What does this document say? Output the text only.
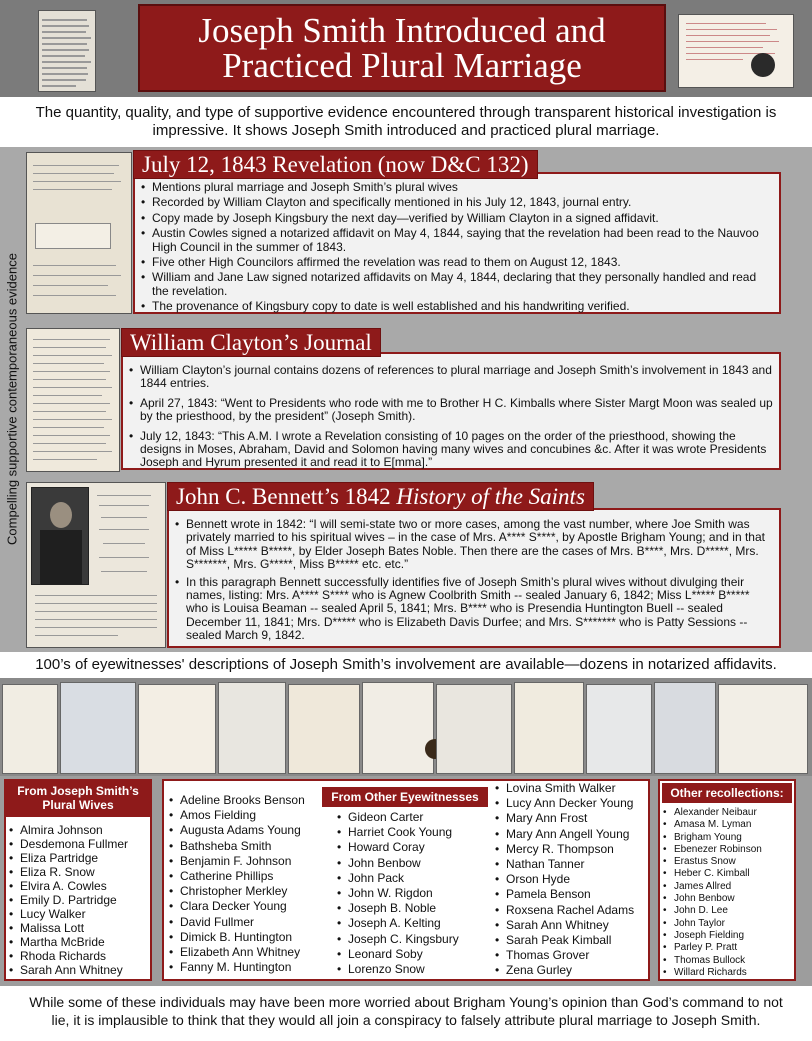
Joseph Smith Introduced and Practiced Plural Marriage
The quantity, quality, and type of supportive evidence encountered through transparent historical investigation is impressive. It shows Joseph Smith introduced and practiced plural marriage.
Compelling supportive contemporaneous evidence
• Mentions plural marriage and Joseph Smith’s plural wives
• Recorded by William Clayton and specifically mentioned in his July 12, 1843, journal entry.
• Copy made by Joseph Kingsbury the next day—verified by William Clayton in a signed affidavit.
• Austin Cowles signed a notarized affidavit on May 4, 1844, saying that the revelation had been read to the Nauvoo High Council in the summer of 1843.
• Five other High Councilors affirmed the revelation was read to them on August 12, 1843.
• William and Jane Law signed notarized affidavits on May 4, 1844, declaring that they personally handled and read the revelation.
• The provenance of Kingsbury copy to date is well established and his handwriting verified.
July 12, 1843 Revelation (now D&C 132)
• William Clayton’s journal contains dozens of references to plural marriage and Joseph Smith’s involvement in 1843 and 1844 entries.
• April 27, 1843: “Went to Presidents who rode with me to Brother H C. Kimballs where Sister Margt Moon was sealed up by the priesthood, by the president” (Joseph Smith).
• July 12, 1843: “This A.M. I wrote a Revelation consisting of 10 pages on the order of the priesthood, showing the designs in Moses, Abraham, David and Solomon having many wives and concubines &c. After it was wrote Presidents Joseph and Hyrum presented it and read it to E[mma].”
William Clayton’s Journal
• Bennett wrote in 1842: “I will semi-state two or more cases, among the vast number, where Joe Smith was privately married to his spiritual wives – in the case of Mrs. A**** S****, by Apostle Brigham Young; and in that of Miss L***** B*****, by Elder Joseph Bates Noble. Then there are the cases of Mrs. B****, Mrs. D*****, Mrs. S*******, Mrs. G*****, Miss B***** etc. etc.”
• In this paragraph Bennett successfully identifies five of Joseph Smith’s plural wives without divulging their names, listing: Mrs. A**** S**** who is Agnew Coolbrith Smith -- sealed January 6, 1842; Miss L***** B***** who is Louisa Beaman -- sealed April 5, 1841; Mrs. B**** who is Presendia Huntington Buell -- sealed December 11, 1841; Mrs. D***** who is Elizabeth Davis Durfee; and Mrs. S******* who is Patty Sessions -- sealed March 9, 1842.
John C. Bennett’s 1842 History of the Saints
100’s of eyewitnesses' descriptions of Joseph Smith’s involvement are available—dozens in notarized affidavits.
From Joseph Smith’s Plural Wives
• Almira Johnson
• Desdemona Fullmer
• Eliza Partridge
• Eliza R. Snow
• Elvira A. Cowles
• Emily D. Partridge
• Lucy Walker
• Malissa Lott
• Martha McBride
• Rhoda Richards
• Sarah Ann Whitney
• Adeline Brooks Benson
• Amos Fielding
• Augusta Adams Young
• Bathsheba Smith
• Benjamin F. Johnson
• Catherine Phillips
• Christopher Merkley
• Clara Decker Young
• David Fullmer
• Dimick B. Huntington
• Elizabeth Ann Whitney
• Fanny M. Huntington
From Other Eyewitnesses
• Gideon Carter
• Harriet Cook Young
• Howard Coray
• John Benbow
• John Pack
• John W. Rigdon
• Joseph B. Noble
• Joseph A. Kelting
• Joseph C. Kingsbury
• Leonard Soby
• Lorenzo Snow
• Lovina Smith Walker
• Lucy Ann Decker Young
• Mary Ann Frost
• Mary Ann Angell Young
• Mercy R. Thompson
• Nathan Tanner
• Orson Hyde
• Pamela Benson
• Roxsena Rachel Adams
• Sarah Ann Whitney
• Sarah Peak Kimball
• Thomas Grover
• Zena Gurley
Other recollections:
• Alexander Neibaur
• Amasa M. Lyman
• Brigham Young
• Ebenezer Robinson
• Erastus Snow
• Heber C. Kimball
• James Allred
• John Benbow
• John D. Lee
• John Taylor
• Joseph Fielding
• Parley P. Pratt
• Thomas Bullock
• Willard Richards
While some of these individuals may have been more worried about Brigham Young’s opinion than God’s command to not lie, it is implausible to think that they would all join a conspiracy to falsely attribute plural marriage to Joseph Smith.
